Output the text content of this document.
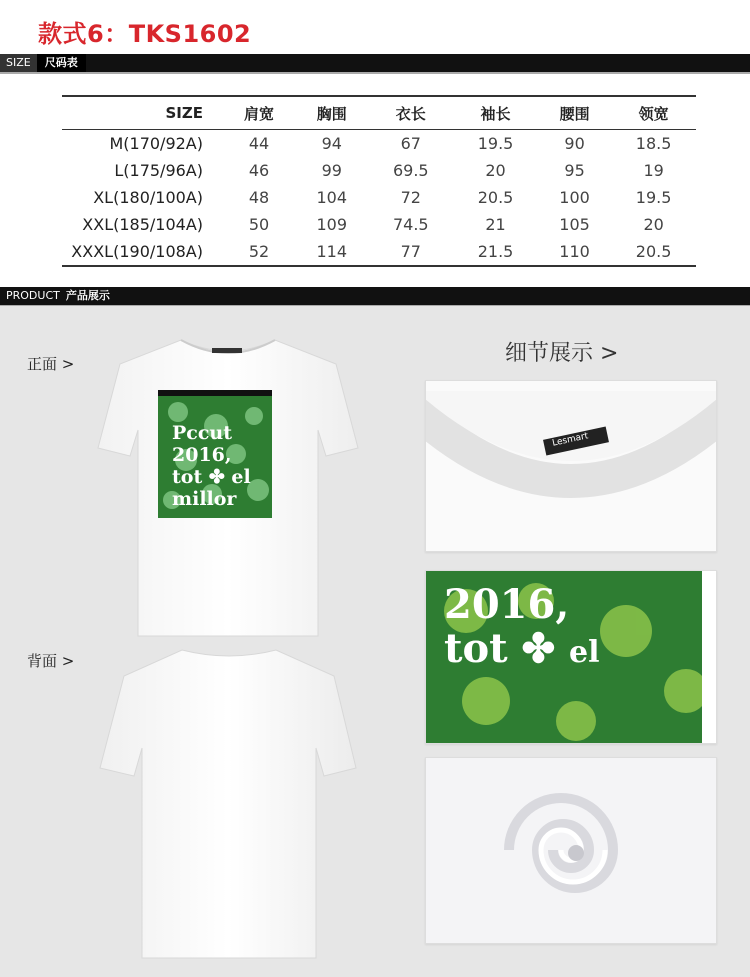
款式6：TKS1602
SIZE	尺码表
SIZE	肩宽	胸围	衣长	袖长	腰围	领宽
M(170/92A)	44	94	67	19.5	90	18.5
L(175/96A)	46	99	69.5	20	95	19
XL(180/100A)	48	104	72	20.5	100	19.5
XXL(185/104A)	50	109	74.5	21	105	20
XXXL(190/108A)	52	114	77	21.5	110	20.5
PRODUCT 产品展示
正面 >
背面 >
Pccut
2016,
tot ✤ el
millor
细节展示 >
Lesmart
2016,
tot ✤ el
